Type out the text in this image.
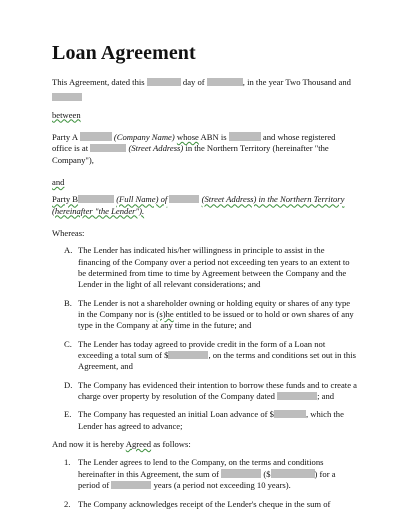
Loan Agreement

This Agreement, dated this	day of	, in the year Two Thousand and

between

Party A	(Company Name) whose ABN is	and whose registered office is at	(Street Address) in the Northern Territory (hereinafter "the Company"),

and

Party B	(Full Name) of	(Street Address) in the Northern Territory
(hereinafter "the Lender").

Whereas:

A. The Lender has indicated his/her willingness in principle to assist in the financing of the Company over a period not exceeding ten years to an extent to be determined from time to time by Agreement between the Company and the Lender in the light of all relevant considerations; and
B. The Lender is not a shareholder owning or holding equity or shares of any type in the Company nor is (s)he entitled to be issued or to hold or own shares of any type in the Company at any time in the future; and
C. The Lender has today agreed to provide credit in the form of a Loan not exceeding a total sum of $	, on the terms and conditions set out in this Agreement, and
D. The Company has evidenced their intention to borrow these funds and to create a charge over property by resolution of the Company dated	; and
E. The Company has requested an initial Loan advance of $	, which the Lender has agreed to advance;

And now it is hereby Agreed as follows:

1. The Lender agrees to lend to the Company, on the terms and conditions hereinafter in this Agreement, the sum of	($	) for a period of	years (a period not exceeding 10 years).
2. The Company acknowledges receipt of the Lender's cheque in the sum of
